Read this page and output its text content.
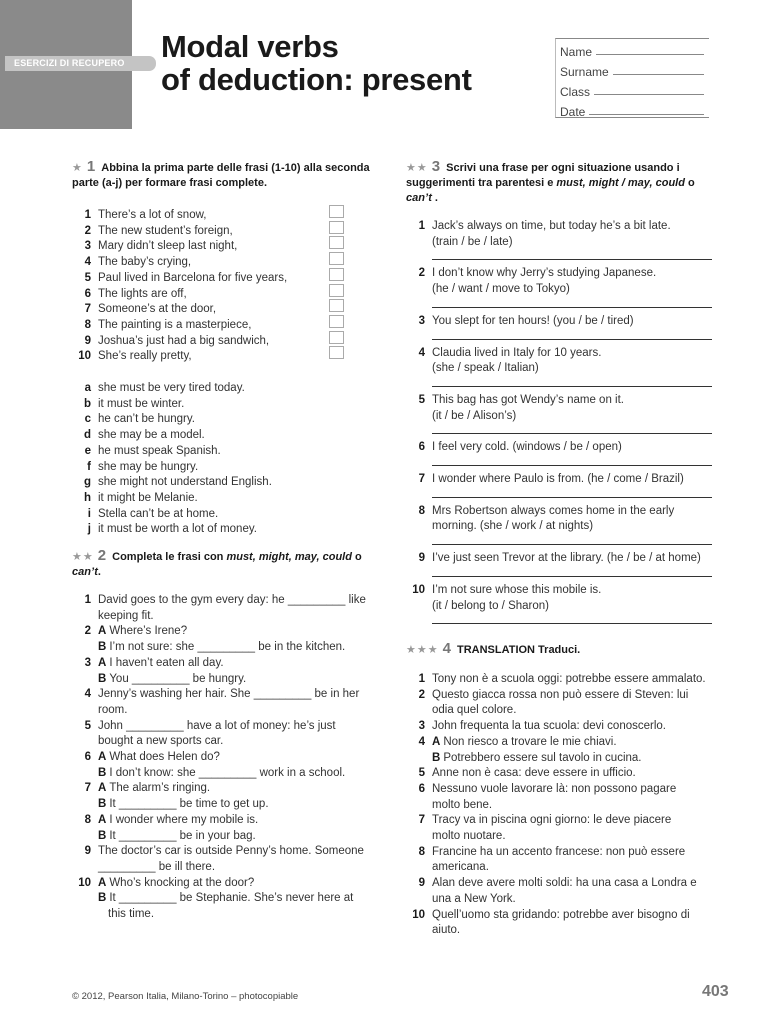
ESERCIZI DI RECUPERO	Modal verbs
of deduction: present
Name
Surname
Class
Date
★ 1 Abbina la prima parte delle frasi (1-10) alla seconda parte (a-j) per formare frasi complete.
1 There’s a lot of snow,
2 The new student’s foreign,
3 Mary didn’t sleep last night,
4 The baby’s crying,
5 Paul lived in Barcelona for five years,
6 The lights are off,
7 Someone’s at the door,
8 The painting is a masterpiece,
9 Joshua’s just had a big sandwich,
10 She’s really pretty,
a she must be very tired today.
b it must be winter.
c he can’t be hungry.
d she may be a model.
e he must speak Spanish.
f she may be hungry.
g she might not understand English.
h it might be Melanie.
i Stella can’t be at home.
j it must be worth a lot of money.
★★ 2 Completa le frasi con must, might, may, could o can’t.
1 David goes to the gym every day: he _________ like
keeping fit.
2 A Where’s Irene?
B I’m not sure: she _________ be in the kitchen.
3 A I haven’t eaten all day.
B You _________ be hungry.
4 Jenny’s washing her hair. She _________ be in her
room.
5 John _________ have a lot of money: he’s just
bought a new sports car.
6 A What does Helen do?
B I don’t know: she _________ work in a school.
7 A The alarm’s ringing.
B It _________ be time to get up.
8 A I wonder where my mobile is.
B It _________ be in your bag.
9 The doctor’s car is outside Penny’s home. Someone
_________ be ill there.
10 A Who’s knocking at the door?
B It _________ be Stephanie. She’s never here at
this time.
★★ 3 Scrivi una frase per ogni situazione usando i suggerimenti tra parentesi e must, might / may, could o can’t .
1 Jack’s always on time, but today he’s a bit late.
(train / be / late)
2 I don’t know why Jerry’s studying Japanese.
(he / want / move to Tokyo)
3 You slept for ten hours! (you / be / tired)
4 Claudia lived in Italy for 10 years.
(she / speak / Italian)
5 This bag has got Wendy’s name on it.
(it / be / Alison’s)
6 I feel very cold. (windows / be / open)
7 I wonder where Paulo is from. (he / come / Brazil)
8 Mrs Robertson always comes home in the early
morning. (she / work / at nights)
9 I’ve just seen Trevor at the library. (he / be / at home)
10 I’m not sure whose this mobile is.
(it / belong to / Sharon)
★★★ 4 TRANSLATION Traduci.
1 Tony non è a scuola oggi: potrebbe essere ammalato.
2 Questo giacca rossa non può essere di Steven: lui
odia quel colore.
3 John frequenta la tua scuola: devi conoscerlo.
4 A Non riesco a trovare le mie chiavi.
B Potrebbero essere sul tavolo in cucina.
5 Anne non è casa: deve essere in ufficio.
6 Nessuno vuole lavorare là: non possono pagare
molto bene.
7 Tracy va in piscina ogni giorno: le deve piacere
molto nuotare.
8 Francine ha un accento francese: non può essere
americana.
9 Alan deve avere molti soldi: ha una casa a Londra e
una a New York.
10 Quell’uomo sta gridando: potrebbe aver bisogno di
aiuto.
© 2012, Pearson Italia, Milano-Torino – photocopiable	403
